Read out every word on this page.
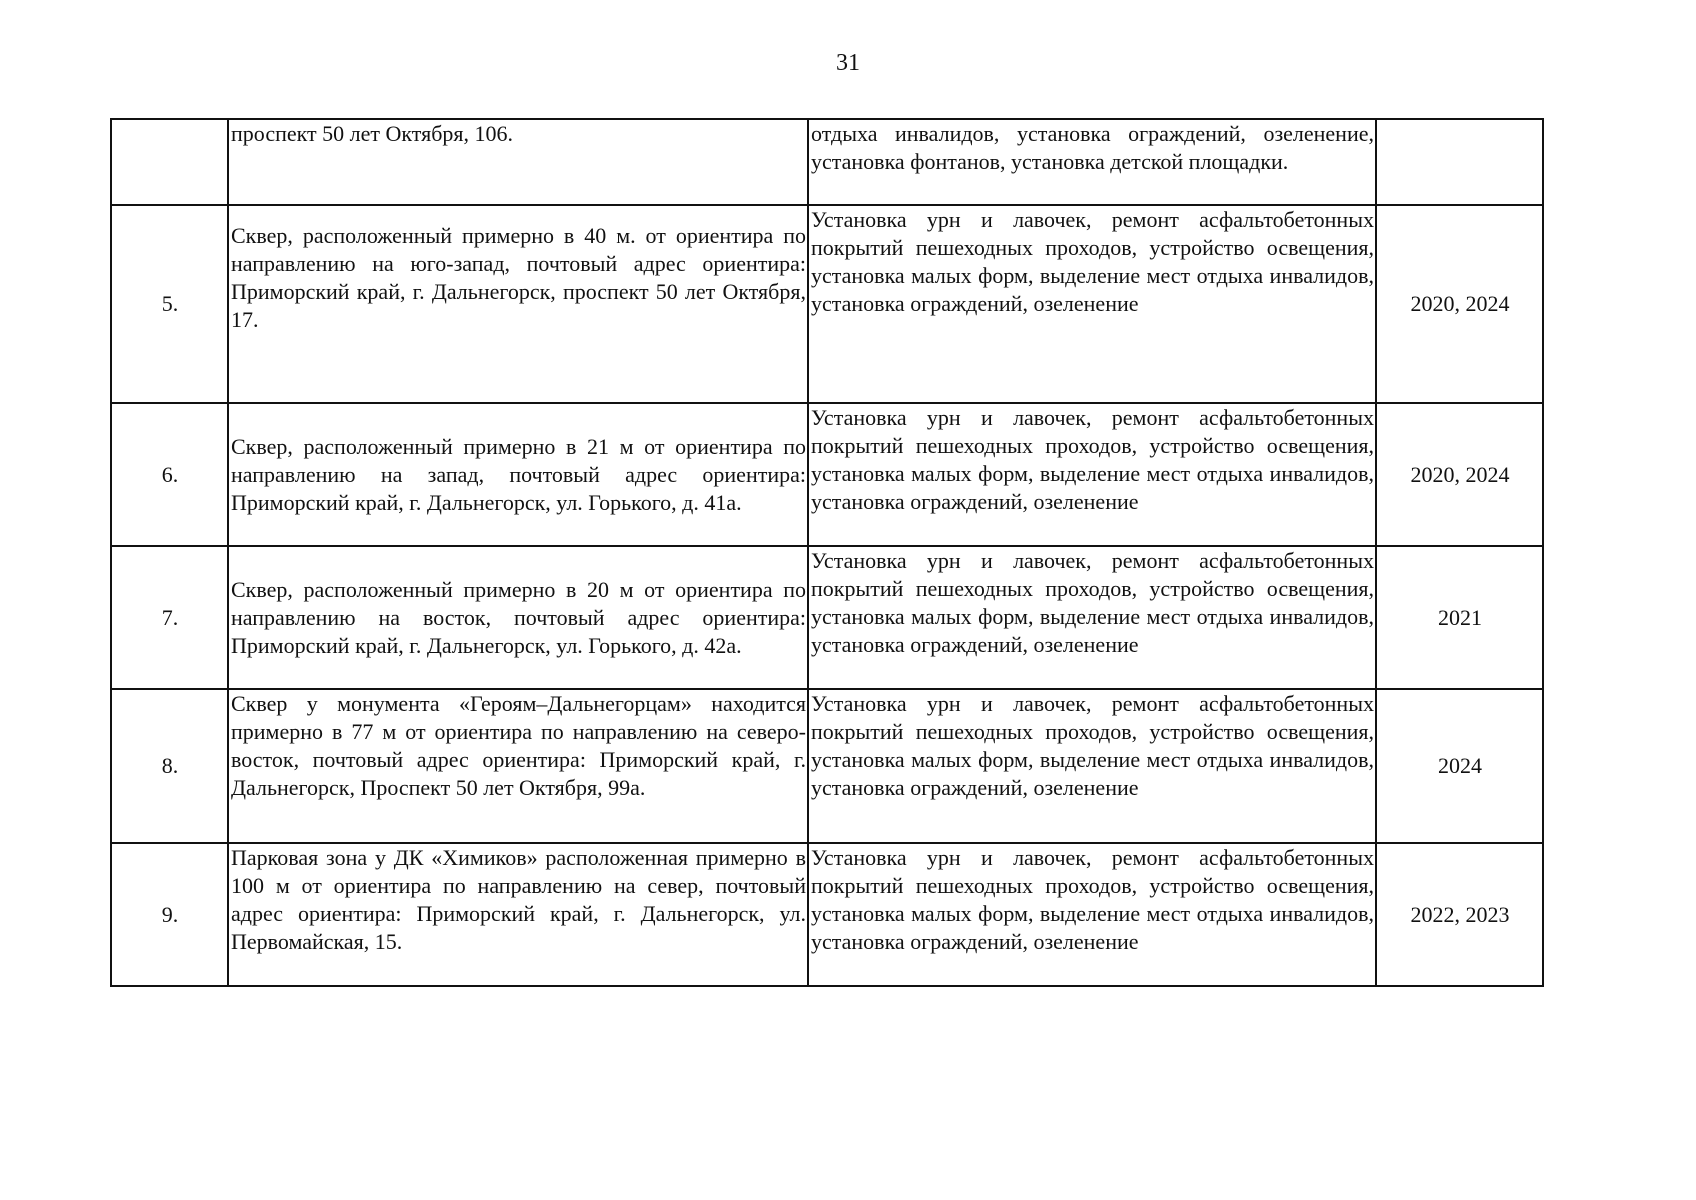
31

	проспект 50 лет Октября, 106.	отдыха инвалидов, установка ограждений, озеленение, установка фонтанов, установка детской площадки.	

5.	Сквер, расположенный примерно в 40 м. от ориентира по направлению на юго-запад, почтовый адрес ориентира: Приморский край, г. Дальнегорск, проспект 50 лет Октября, 17.	Установка урн и лавочек, ремонт асфальтобетонных покрытий пешеходных проходов, устройство освещения, установка малых форм, выделение мест отдыха инвалидов, установка ограждений, озеленение	2020, 2024
6.	Сквер, расположенный примерно в 21 м от ориентира по направлению на запад, почтовый адрес ориентира: Приморский край, г. Дальнегорск, ул. Горького, д. 41а.	Установка урн и лавочек, ремонт асфальтобетонных покрытий пешеходных проходов, устройство освещения, установка малых форм, выделение мест отдыха инвалидов, установка ограждений, озеленение	2020, 2024
7.	Сквер, расположенный примерно в 20 м от ориентира по направлению на восток, почтовый адрес ориентира: Приморский край, г. Дальнегорск, ул. Горького, д. 42а.	Установка урн и лавочек, ремонт асфальтобетонных покрытий пешеходных проходов, устройство освещения, установка малых форм, выделение мест отдыха инвалидов, установка ограждений, озеленение	2021
8.	Сквер у монумента «Героям–Дальнегорцам» находится примерно в 77 м от ориентира по направлению на северо-восток, почтовый адрес ориентира: Приморский край, г. Дальнегорск, Проспект 50 лет Октября, 99а.	Установка урн и лавочек, ремонт асфальтобетонных покрытий пешеходных проходов, устройство освещения, установка малых форм, выделение мест отдыха инвалидов, установка ограждений, озеленение	2024
9.	Парковая зона у ДК «Химиков» расположенная примерно в 100 м от ориентира по направлению на север, почтовый адрес ориентира: Приморский край, г. Дальнегорск, ул. Первомайская, 15.	Установка урн и лавочек, ремонт асфальтобетонных покрытий пешеходных проходов, устройство освещения, установка малых форм, выделение мест отдыха инвалидов, установка ограждений, озеленение	2022, 2023
